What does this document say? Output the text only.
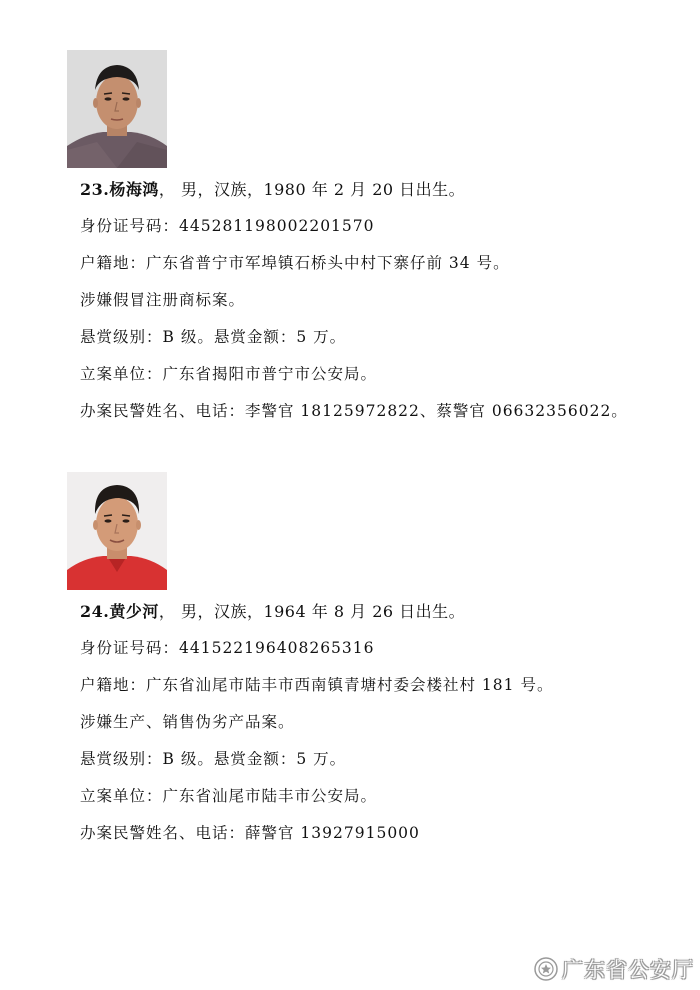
23.杨海鸿， 男，汉族，1980 年 2 月 20 日出生。
身份证号码：445281198002201570
户籍地：广东省普宁市军埠镇石桥头中村下寨仔前 34 号。
涉嫌假冒注册商标案。
悬赏级别：B 级。悬赏金额：5 万。
立案单位：广东省揭阳市普宁市公安局。
办案民警姓名、电话：李警官 18125972822、蔡警官 06632356022。
24.黄少河， 男，汉族，1964 年 8 月 26 日出生。
身份证号码：441522196408265316
户籍地：广东省汕尾市陆丰市西南镇青塘村委会楼社村 181 号。
涉嫌生产、销售伪劣产品案。
悬赏级别：B 级。悬赏金额：5 万。
立案单位：广东省汕尾市陆丰市公安局。
办案民警姓名、电话：薛警官 13927915000
广东省公安厅
